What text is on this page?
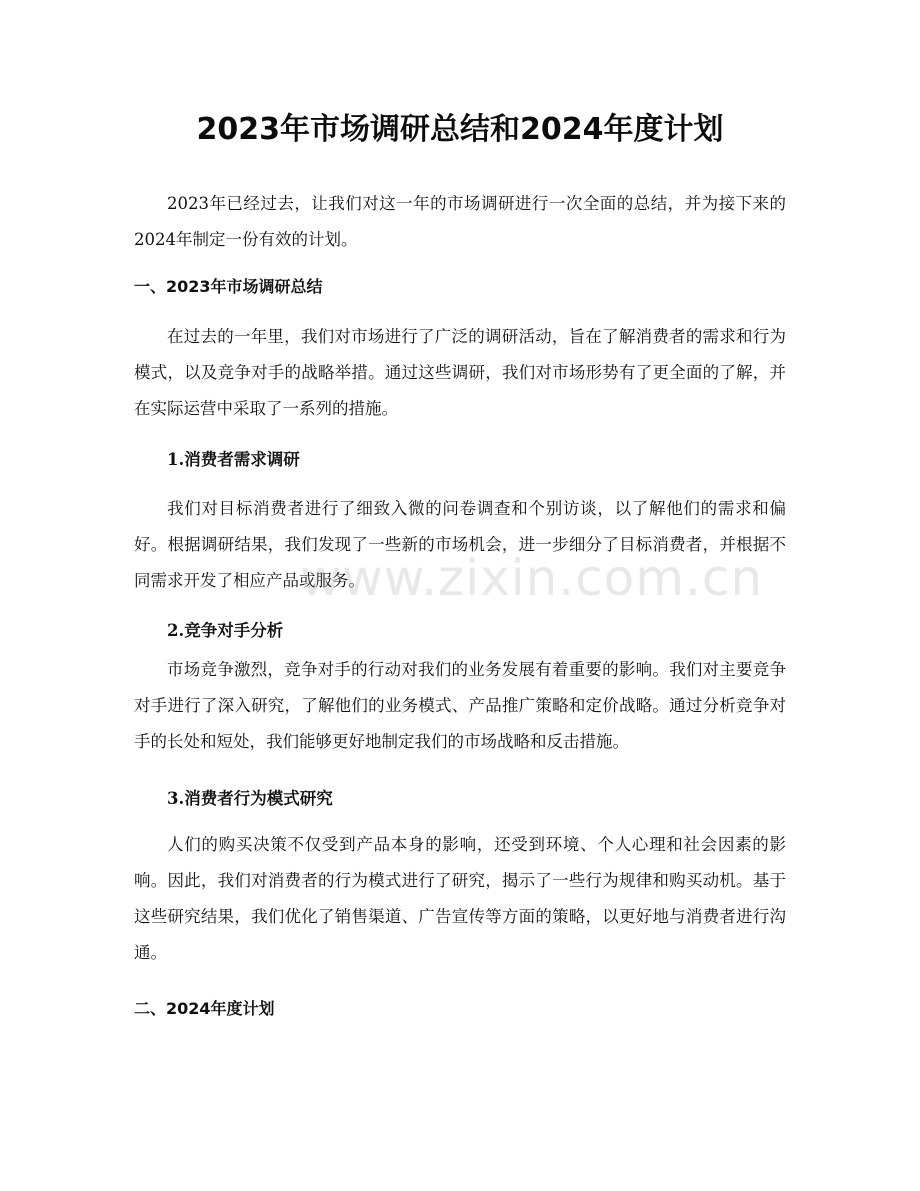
2023年市场调研总结和2024年度计划

2023年已经过去，让我们对这一年的市场调研进行一次全面的总结，并为接下来的2024年制定一份有效的计划。

一、2023年市场调研总结

在过去的一年里，我们对市场进行了广泛的调研活动，旨在了解消费者的需求和行为模式，以及竞争对手的战略举措。通过这些调研，我们对市场形势有了更全面的了解，并在实际运营中采取了一系列的措施。

1.消费者需求调研

我们对目标消费者进行了细致入微的问卷调查和个别访谈，以了解他们的需求和偏好。根据调研结果，我们发现了一些新的市场机会，进一步细分了目标消费者，并根据不同需求开发了相应产品或服务。

2.竞争对手分析

市场竞争激烈，竞争对手的行动对我们的业务发展有着重要的影响。我们对主要竞争对手进行了深入研究，了解他们的业务模式、产品推广策略和定价战略。通过分析竞争对手的长处和短处，我们能够更好地制定我们的市场战略和反击措施。

3.消费者行为模式研究

人们的购买决策不仅受到产品本身的影响，还受到环境、个人心理和社会因素的影响。因此，我们对消费者的行为模式进行了研究，揭示了一些行为规律和购买动机。基于这些研究结果，我们优化了销售渠道、广告宣传等方面的策略，以更好地与消费者进行沟通。

二、2024年度计划
www.zixin.com.cn
